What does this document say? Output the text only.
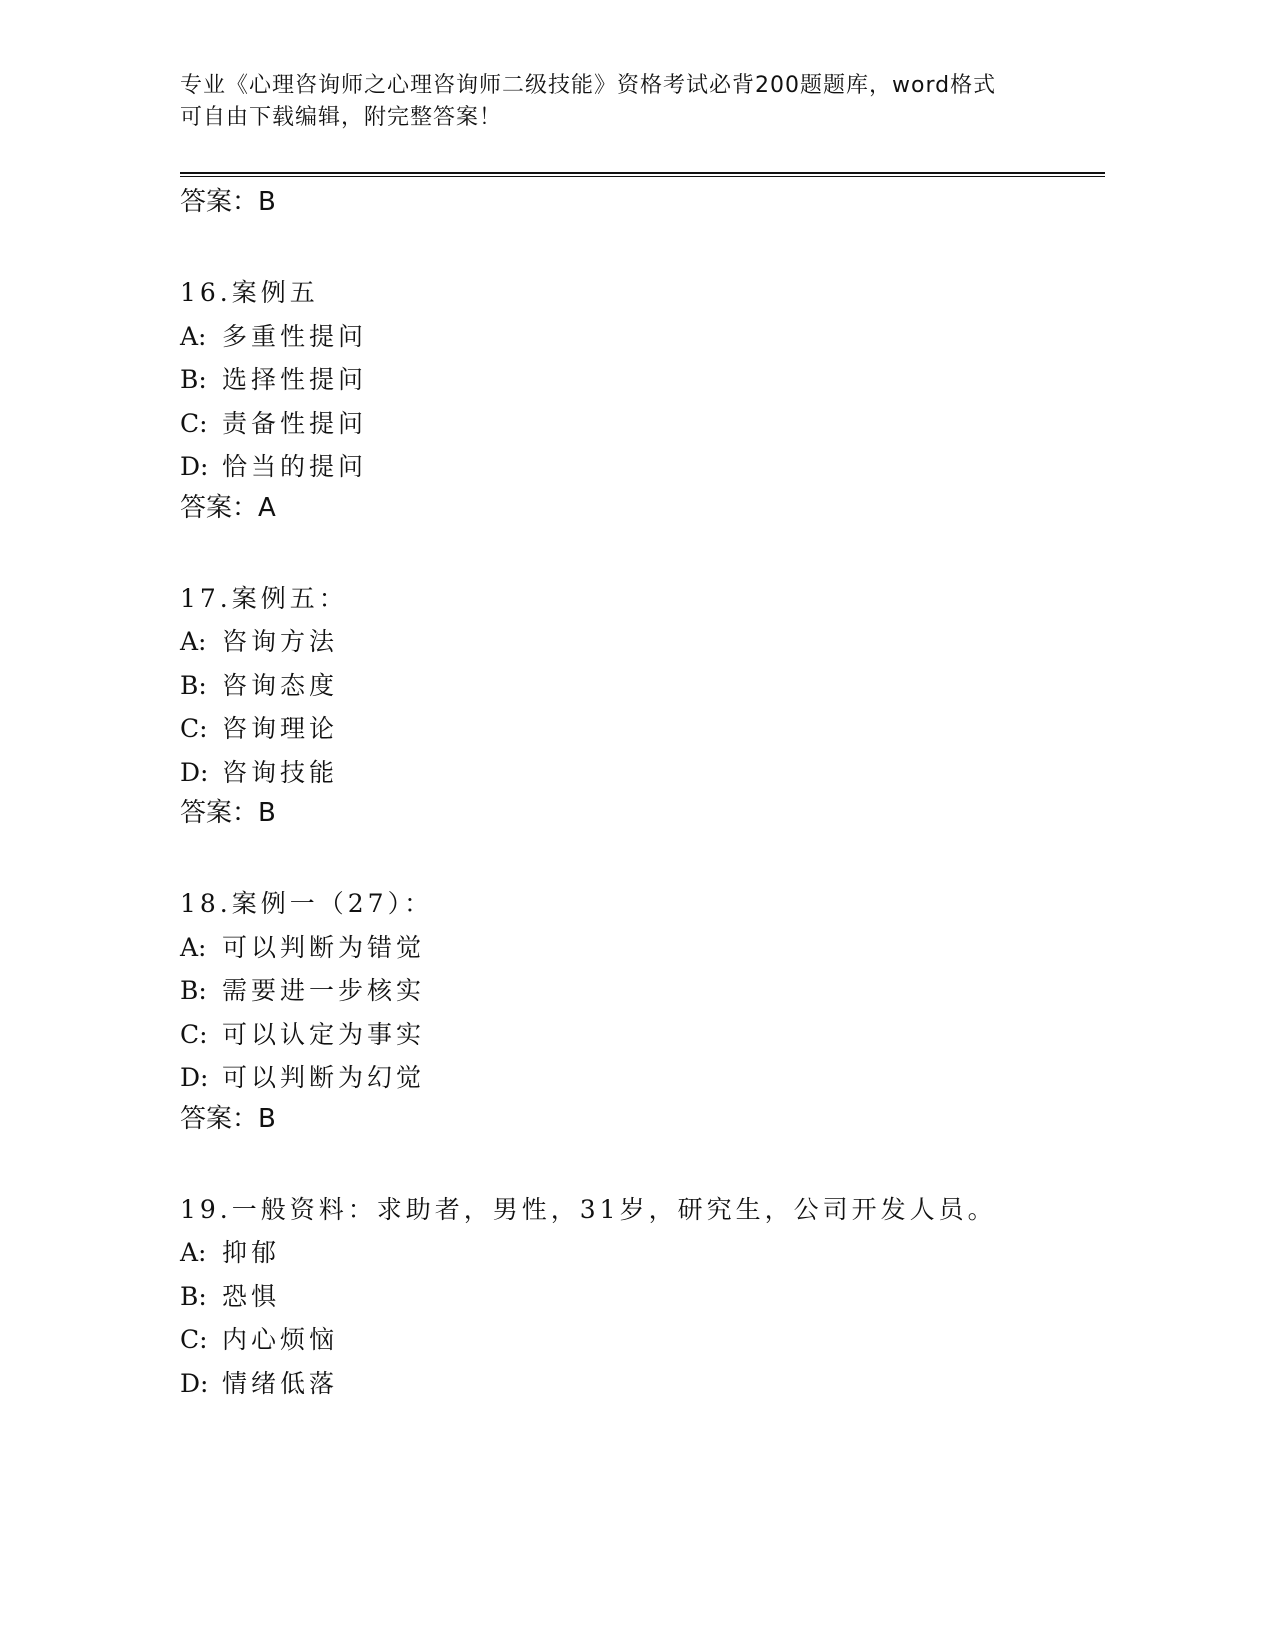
专业《心理咨询师之心理咨询师二级技能》资格考试必背200题题库，word格式
可自由下载编辑，附完整答案！
答案：B
16.案例五
A: 多重性提问
B: 选择性提问
C: 责备性提问
D: 恰当的提问
答案：A
17.案例五：
A: 咨询方法
B: 咨询态度
C: 咨询理论
D: 咨询技能
答案：B
18.案例一（27）：
A: 可以判断为错觉
B: 需要进一步核实
C: 可以认定为事实
D: 可以判断为幻觉
答案：B
19.一般资料：求助者，男性，31岁，研究生，公司开发人员。
A: 抑郁
B: 恐惧
C: 内心烦恼
D: 情绪低落
